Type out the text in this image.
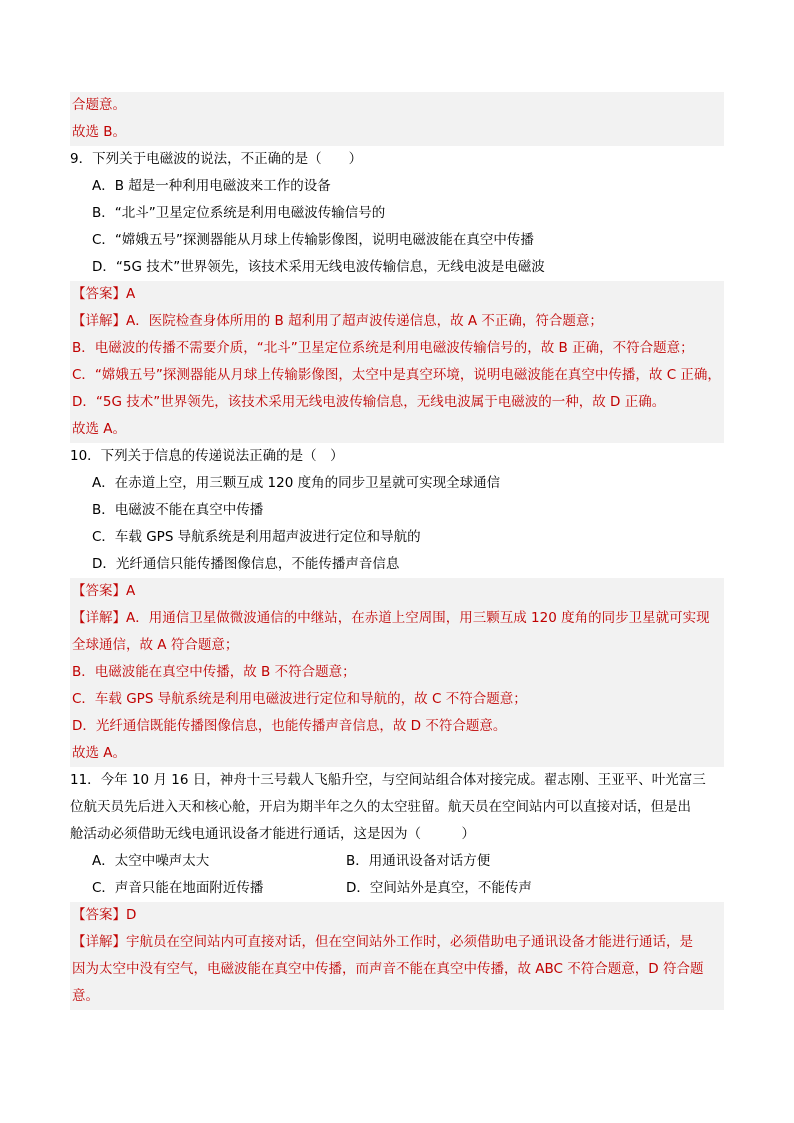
合题意。
故选 B。
9．下列关于电磁波的说法，不正确的是（　　）
A．B 超是一种利用电磁波来工作的设备
B．“北斗”卫星定位系统是利用电磁波传输信号的
C．“嫦娥五号”探测器能从月球上传输影像图，说明电磁波能在真空中传播
D．“5G 技术”世界领先，该技术采用无线电波传输信息，无线电波是电磁波
【答案】A
【详解】A．医院检查身体所用的 B 超利用了超声波传递信息，故 A 不正确，符合题意；
B．电磁波的传播不需要介质，“北斗”卫星定位系统是利用电磁波传输信号的，故 B 正确，不符合题意；
C．“嫦娥五号”探测器能从月球上传输影像图，太空中是真空环境，说明电磁波能在真空中传播，故 C 正确，
D．“5G 技术”世界领先，该技术采用无线电波传输信息，无线电波属于电磁波的一种，故 D 正确。
故选 A。
10．下列关于信息的传递说法正确的是（　）
A．在赤道上空，用三颗互成 120 度角的同步卫星就可实现全球通信
B．电磁波不能在真空中传播
C．车载 GPS 导航系统是利用超声波进行定位和导航的
D．光纤通信只能传播图像信息，不能传播声音信息
【答案】A
【详解】A．用通信卫星做微波通信的中继站，在赤道上空周围，用三颗互成 120 度角的同步卫星就可实现
全球通信，故 A 符合题意；
B．电磁波能在真空中传播，故 B 不符合题意；
C．车载 GPS 导航系统是利用电磁波进行定位和导航的，故 C 不符合题意；
D．光纤通信既能传播图像信息，也能传播声音信息，故 D 不符合题意。
故选 A。
11．今年 10 月 16 日，神舟十三号载人飞船升空，与空间站组合体对接完成。翟志刚、王亚平、叶光富三
位航天员先后进入天和核心舱，开启为期半年之久的太空驻留。航天员在空间站内可以直接对话，但是出
舱活动必须借助无线电通讯设备才能进行通话，这是因为（　　　）
A．太空中噪声太大	B．用通讯设备对话方便
C．声音只能在地面附近传播	D．空间站外是真空，不能传声
【答案】D
【详解】宇航员在空间站内可直接对话，但在空间站外工作时，必须借助电子通讯设备才能进行通话，是
因为太空中没有空气，电磁波能在真空中传播，而声音不能在真空中传播，故 ABC 不符合题意，D 符合题
意。
